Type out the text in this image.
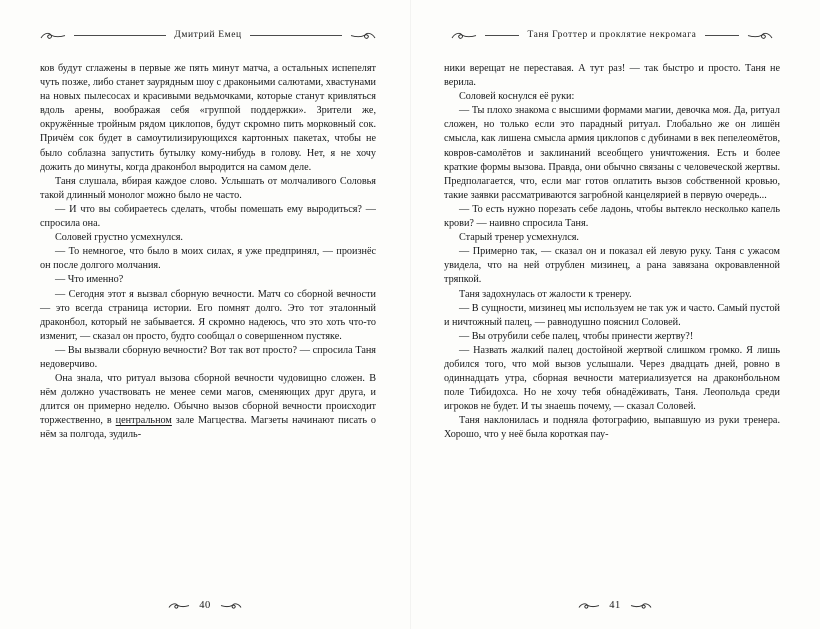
Дмитрий Емец

ков будут сглажены в первые же пять минут матча, а остальных испепелят чуть позже, либо станет заурядным шоу с драконьими салютами, хвастунами на новых пылесосах и красивыми ведьмочками, которые станут кривляться вдоль арены, воображая себя «группой поддержки». Зрители же, окружённые тройным рядом циклопов, будут скромно пить морковный сок. Причём сок будет в самоутилизирующихся картонных пакетах, чтобы не было соблазна запустить бутылку кому-нибудь в голову. Нет, я не хочу дожить до минуты, когда драконбол выродится на самом деле.

Таня слушала, вбирая каждое слово. Услышать от молчаливого Соловья такой длинный монолог можно было не часто.

— И что вы собираетесь сделать, чтобы помешать ему выродиться? — спросила она.

Соловей грустно усмехнулся.

— То немногое, что было в моих силах, я уже предпринял, — произнёс он после долгого молчания.

— Что именно?

— Сегодня этот я вызвал сборную вечности. Матч со сборной вечности — это всегда страница истории. Его помнят долго. Это тот эталонный драконбол, который не забывается. Я скромно надеюсь, что это хоть что-то изменит, — сказал он просто, будто сообщал о совершенном пустяке.

— Вы вызвали сборную вечности? Вот так вот просто? — спросила Таня недоверчиво.

Она знала, что ритуал вызова сборной вечности чудовищно сложен. В нём должно участвовать не менее семи магов, сменяющих друг друга, и длится он примерно неделю. Обычно вызов сборной вечности происходит торжественно, в центральном зале Магцества. Магзеты начинают писать о нём за полгода, зудиль-

40
Таня Гроттер и проклятие некромага

ники верещат не переставая. А тут раз! — так быстро и просто. Таня не верила.

Соловей коснулся её руки:

— Ты плохо знакома с высшими формами магии, девочка моя. Да, ритуал сложен, но только если это парадный ритуал. Глобально же он лишён смысла, как лишена смысла армия циклопов с дубинами в век пепелеомётов, ковров-самолётов и заклинаний всеобщего уничтожения. Есть и более краткие формы вызова. Правда, они обычно связаны с человеческой жертвы. Предполагается, что, если маг готов оплатить вызов собственной кровью, такие заявки рассматриваются загробной канцелярией в первую очередь...

— То есть нужно порезать себе ладонь, чтобы вытекло несколько капель крови? — наивно спросила Таня.

Старый тренер усмехнулся.

— Примерно так, — сказал он и показал ей левую руку. Таня с ужасом увидела, что на ней отрублен мизинец, а рана завязана окровавленной тряпкой.

Таня задохнулась от жалости к тренеру.

— В сущности, мизинец мы используем не так уж и часто. Самый пустой и ничтожный палец, — равнодушно пояснил Соловей.

— Вы отрубили себе палец, чтобы принести жертву?!

— Назвать жалкий палец достойной жертвой слишком громко. Я лишь добился того, что мой вызов услышали. Через двадцать дней, ровно в одиннадцать утра, сборная вечности материализуется на драконбольном поле Тибидохса. Но не хочу тебя обнадёживать, Таня. Леопольда среди игроков не будет. И ты знаешь почему, — сказал Соловей.

Таня наклонилась и подняла фотографию, выпавшую из руки тренера. Хорошо, что у неё была короткая пау-

41
